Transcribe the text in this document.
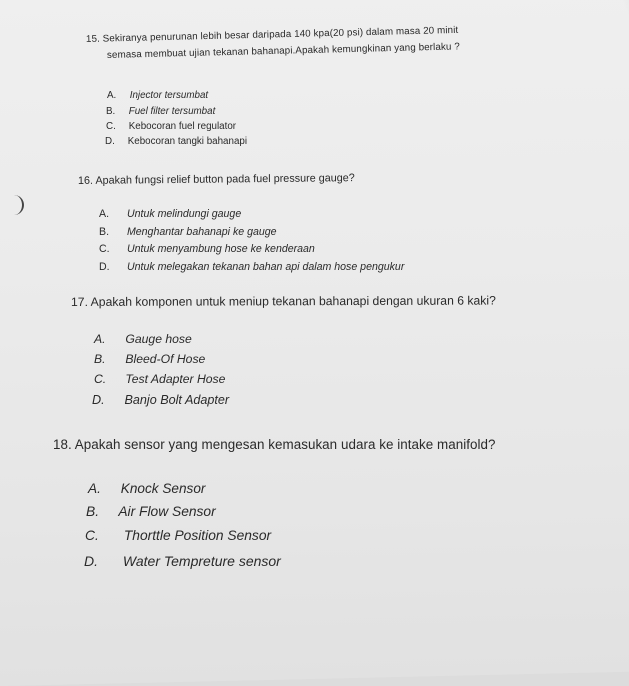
15. Sekiranya penurunan lebih besar daripada 140 kpa(20 psi) dalam masa 20 minit
semasa membuat ujian tekanan bahanapi.Apakah kemungkinan yang berlaku ?
A. Injector tersumbat
B. Fuel filter tersumbat
C. Kebocoran fuel regulator
D. Kebocoran tangki bahanapi
16. Apakah fungsi relief button pada fuel pressure gauge?
A. Untuk melindungi gauge
B. Menghantar bahanapi ke gauge
C. Untuk menyambung hose ke kenderaan
D. Untuk melegakan tekanan bahan api dalam hose pengukur
17. Apakah komponen untuk meniup tekanan bahanapi dengan ukuran 6 kaki?
A. Gauge hose
B. Bleed-Of Hose
C. Test Adapter Hose
D. Banjo Bolt Adapter
18. Apakah sensor yang mengesan kemasukan udara ke intake manifold?
A. Knock Sensor
B. Air Flow Sensor
C. Thorttle Position Sensor
D. Water Tempreture sensor
